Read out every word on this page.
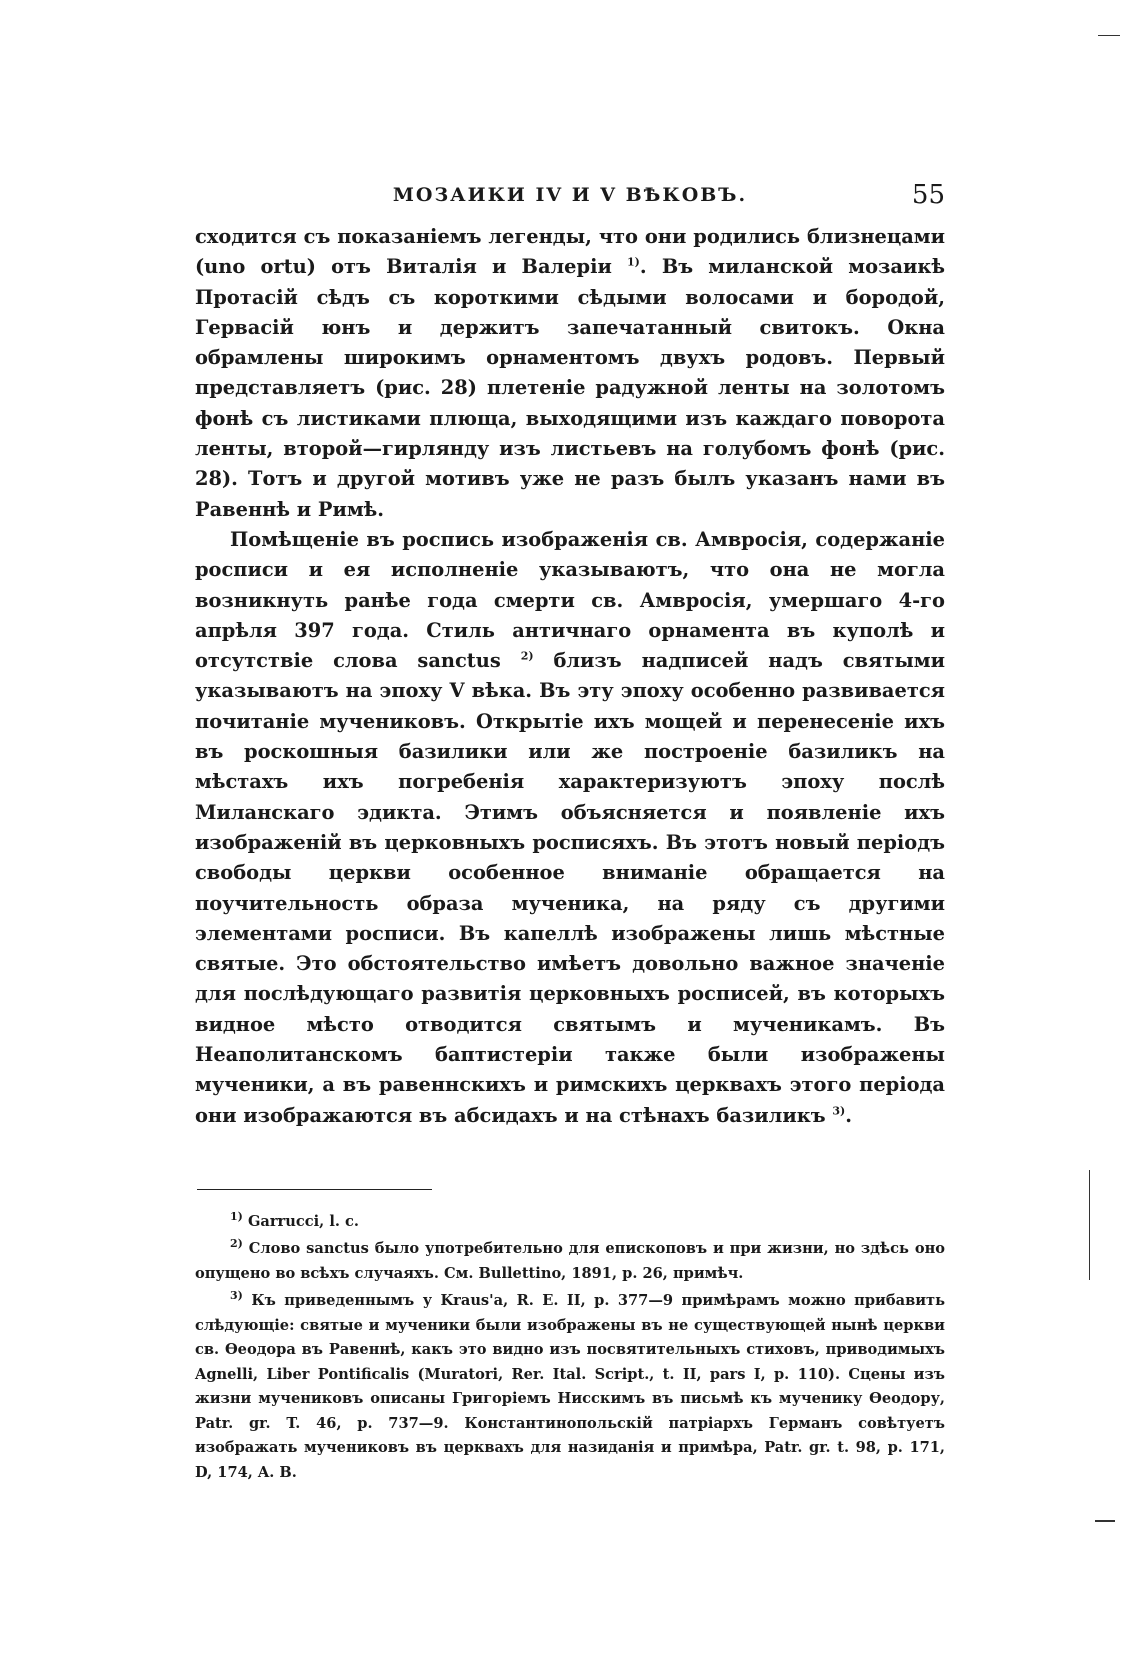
МОЗАИКИ IV И V ВѢКОВЪ.	55

сходится съ показаніемъ легенды, что они родились близнецами (uno ortu) отъ Виталія и Валеріи $^{1)}$. Въ миланской мозаикѣ Протасій сѣдъ съ короткими сѣдыми волосами и бородой, Гервасій юнъ и держитъ запечатанный свитокъ. Окна обрамлены широкимъ орнаментомъ двухъ родовъ. Первый представляетъ (рис. 28) плетеніе радужной ленты на золотомъ фонѣ съ листиками плюща, выходящими изъ каждаго поворота ленты, второй—гирлянду изъ листьевъ на голубомъ фонѣ (рис. 28). Тотъ и другой мотивъ уже не разъ былъ указанъ нами въ Равеннѣ и Римѣ.

Помѣщеніе въ роспись изображенія св. Амвросія, содержаніе росписи и ея исполненіе указываютъ, что она не могла возникнуть ранѣе года смерти св. Амвросія, умершаго 4-го апрѣля 397 года. Стиль античнаго орнамента въ куполѣ и отсутствіе слова sanctus $^{2)}$ близъ надписей надъ святыми указываютъ на эпоху V вѣка. Въ эту эпоху особенно развивается почитаніе мучениковъ. Открытіе ихъ мощей и перенесеніе ихъ въ роскошныя базилики или же построеніе базиликъ на мѣстахъ ихъ погребенія характеризуютъ эпоху послѣ Миланскаго эдикта. Этимъ объясняется и появленіе ихъ изображеній въ церковныхъ росписяхъ. Въ этотъ новый періодъ свободы церкви особенное вниманіе обращается на поучительность образа мученика, на ряду съ другими элементами росписи. Въ капеллѣ изображены лишь мѣстные святые. Это обстоятельство имѣетъ довольно важное значеніе для послѣдующаго развитія церковныхъ росписей, въ которыхъ видное мѣсто отводится святымъ и мученикамъ. Въ Неаполитанскомъ баптистеріи также были изображены мученики, а въ равеннскихъ и римскихъ церквахъ этого періода они изображаются въ абсидахъ и на стѣнахъ базиликъ $^{3)}$.

$^{1)}$ Garrucci, l. c.

$^{2)}$ Слово sanctus было употребительно для епископовъ и при жизни, но здѣсь оно опущено во всѣхъ случаяхъ. См. Bullettino, 1891, p. 26, примѣч.

$^{3)}$ Къ приведеннымъ у Kraus'a, R. E. II, p. 377—9 примѣрамъ можно прибавить слѣдующіе: святые и мученики были изображены въ не существующей нынѣ церкви св. Ѳеодора въ Равеннѣ, какъ это видно изъ посвятительныхъ стиховъ, приводимыхъ Agnelli, Liber Pontificalis (Muratori, Rer. Ital. Script., t. II, pars I, p. 110). Сцены изъ жизни мучениковъ описаны Григоріемъ Нисскимъ въ письмѣ къ мученику Ѳеодору, Patr. gr. T. 46, p. 737—9. Константинопольскій патріархъ Германъ совѣтуетъ изображать мучениковъ въ церквахъ для назиданія и примѣра, Patr. gr. t. 98, p. 171, D, 174, A. B.
